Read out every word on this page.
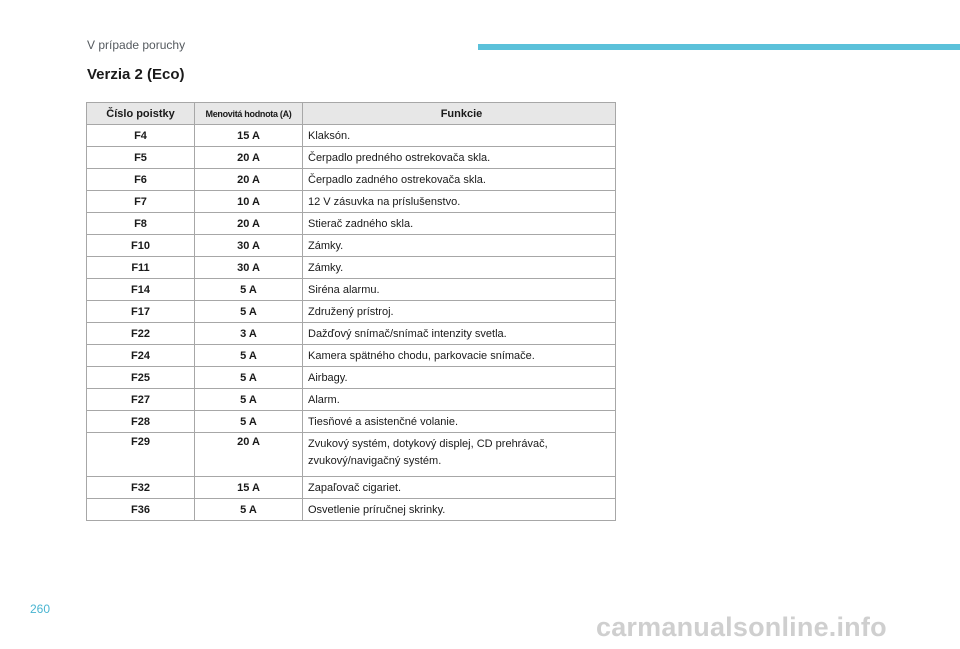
V prípade poruchy
Verzia 2 (Eco)
Číslo poistky	Menovitá hodnota (A)	Funkcie
F4	15 A	Klaksón.
F5	20 A	Čerpadlo predného ostrekovača skla.
F6	20 A	Čerpadlo zadného ostrekovača skla.
F7	10 A	12 V zásuvka na príslušenstvo.
F8	20 A	Stierač zadného skla.
F10	30 A	Zámky.
F11	30 A	Zámky.
F14	5 A	Siréna alarmu.
F17	5 A	Združený prístroj.
F22	3 A	Dažďový snímač/snímač intenzity svetla.
F24	5 A	Kamera spätného chodu, parkovacie snímače.
F25	5 A	Airbagy.
F27	5 A	Alarm.
F28	5 A	Tiesňové a asistenčné volanie.
F29	20 A	Zvukový systém, dotykový displej, CD prehrávač, zvukový/navigačný systém.
F32	15 A	Zapaľovač cigariet.
F36	5 A	Osvetlenie príručnej skrinky.
260
carmanualsonline.info
